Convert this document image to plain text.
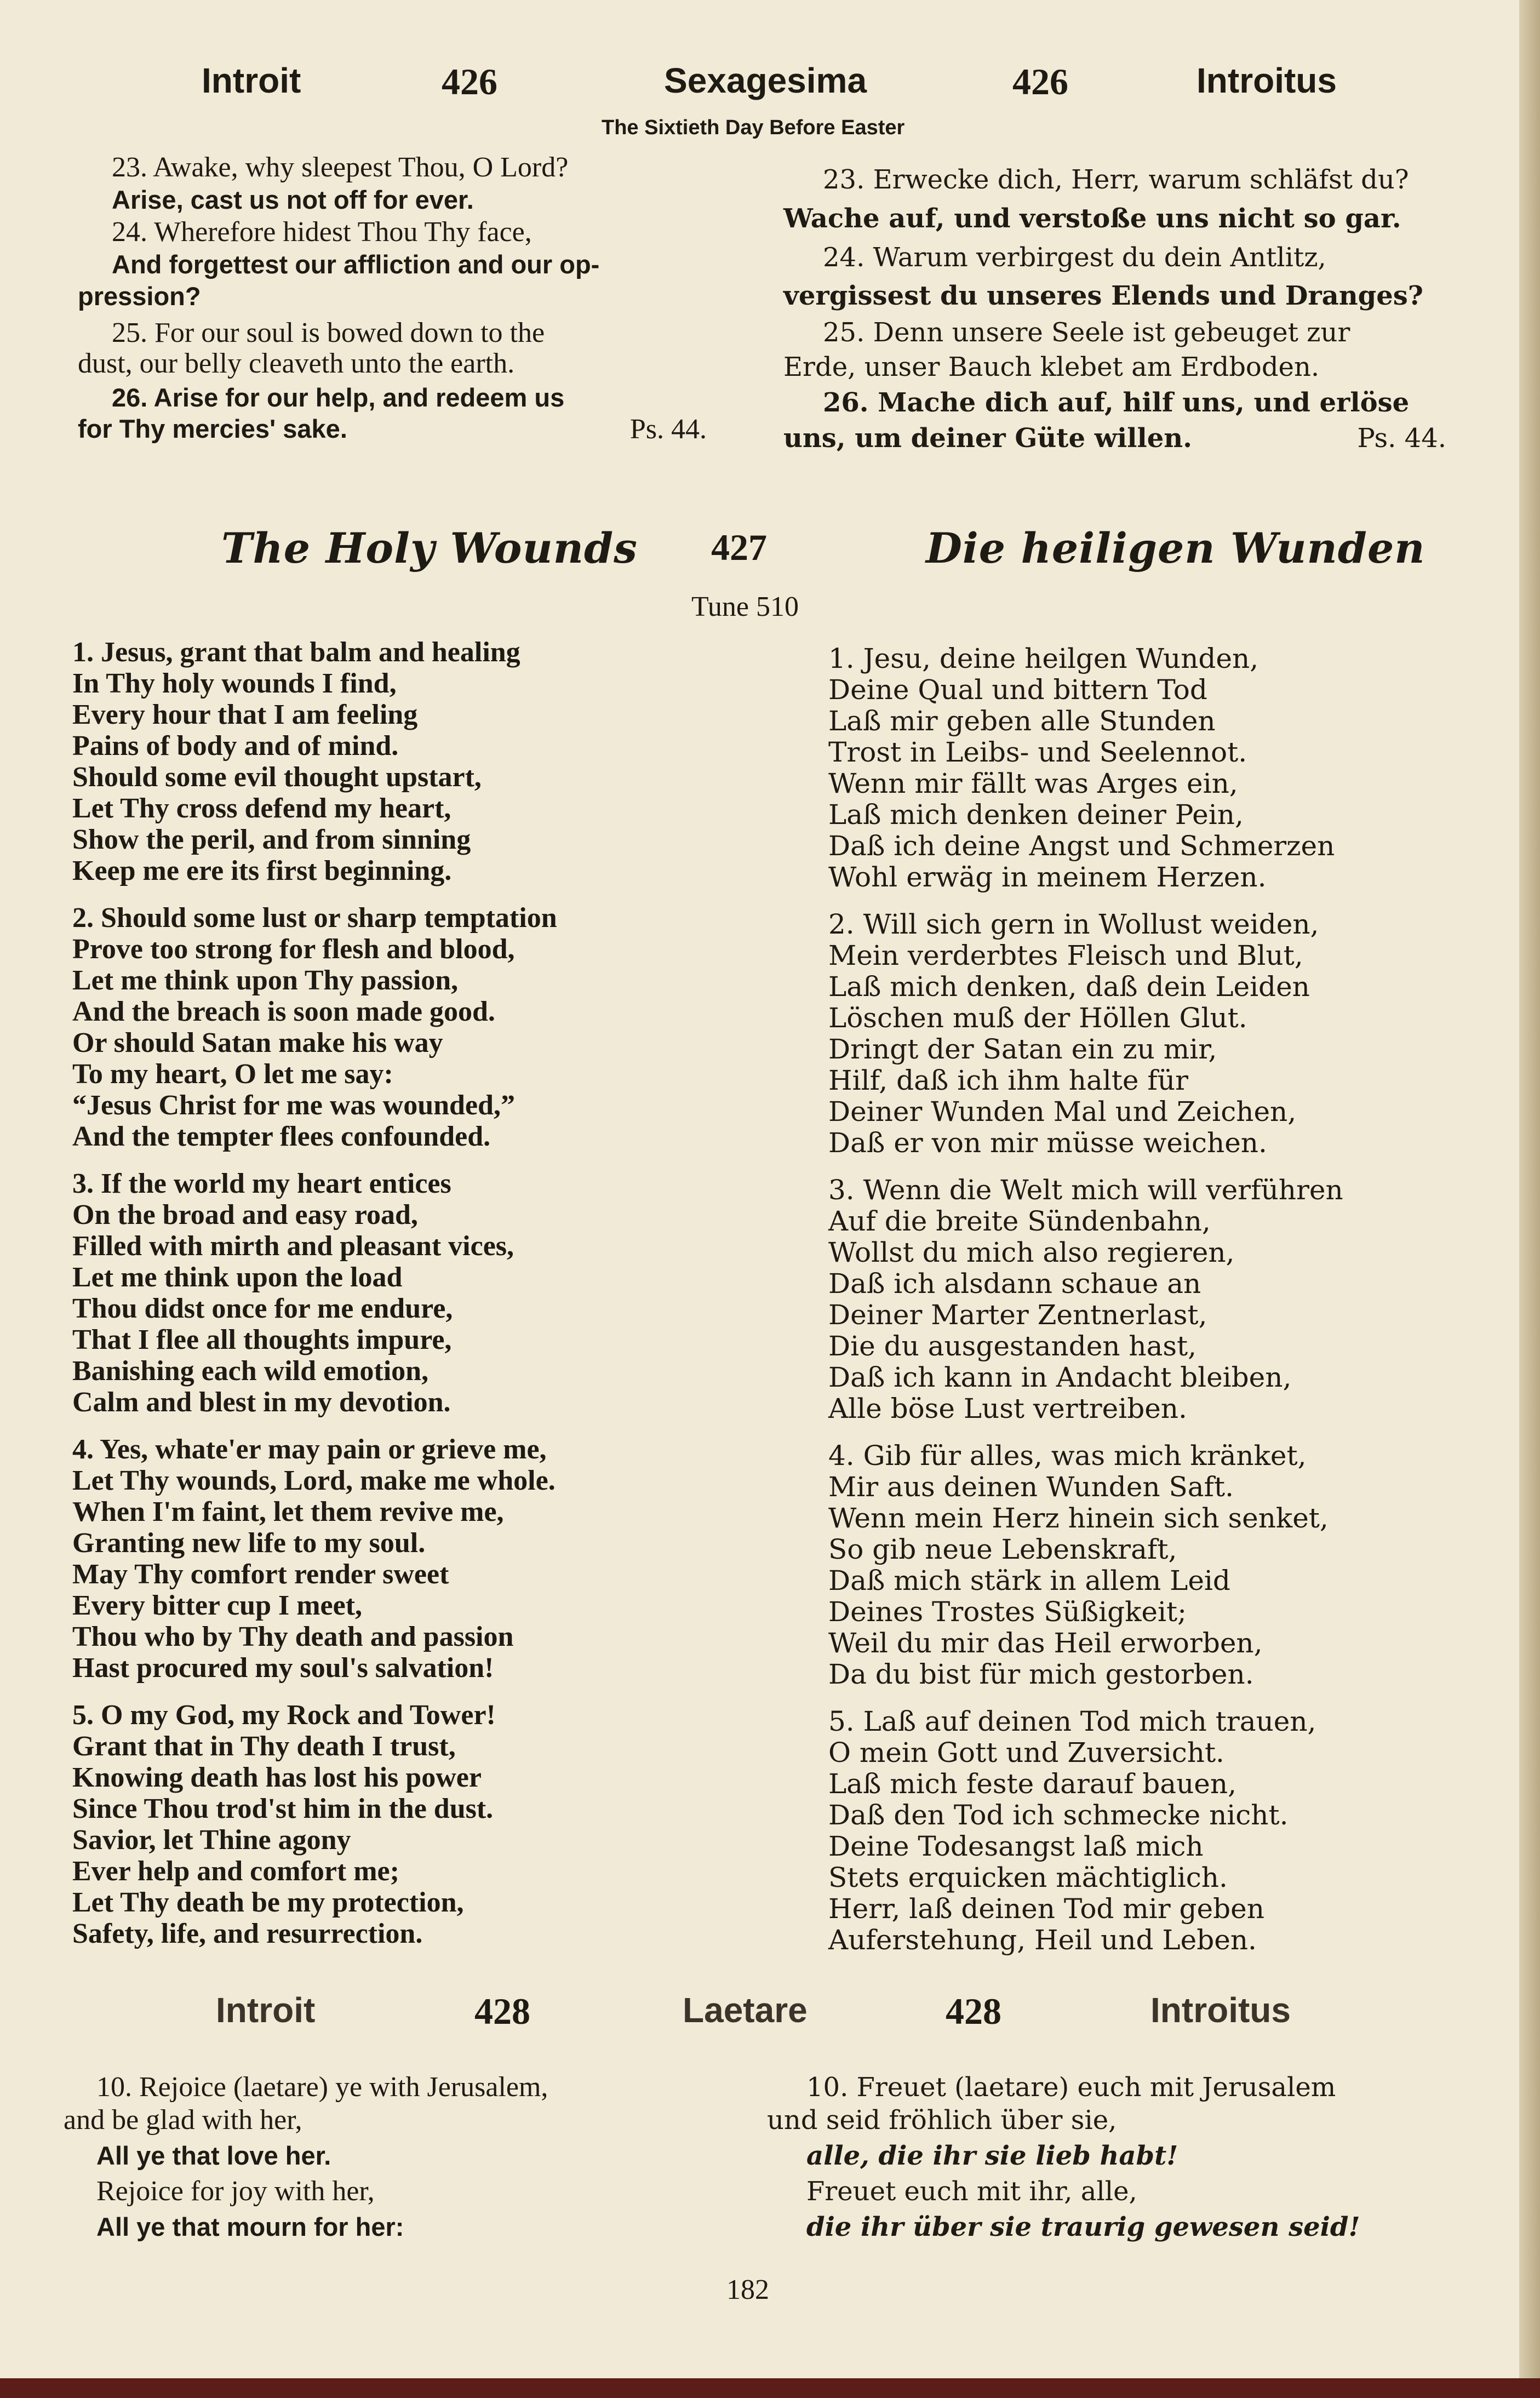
Introit	426	Sexagesima	426	Introitus
The Sixtieth Day Before Easter

23. Awake, why sleepest Thou, O Lord?

Arise, cast us not off for ever.

24. Wherefore hidest Thou Thy face,

And forgettest our affliction and our op-

pression?

25. For our soul is bowed down to the

dust, our belly cleaveth unto the earth.

26. Arise for our help, and redeem us

for Thy mercies' sake.	Ps. 44.

23. Erwecke dich, Herr, warum schläfst du?

Wache auf, und verstoße uns nicht so gar.

24. Warum verbirgest du dein Antlitz,

vergissest du unseres Elends und Dranges?

25. Denn unsere Seele ist gebeuget zur

Erde, unser Bauch klebet am Erdboden.

26. Mache dich auf, hilf uns, und erlöse

uns, um deiner Güte willen.	Ps. 44.
The Holy Wounds 427	Die heiligen Wunden
Tune 510

1. Jesus, grant that balm and healing

In Thy holy wounds I find,

Every hour that I am feeling

Pains of body and of mind.

Should some evil thought upstart,

Let Thy cross defend my heart,

Show the peril, and from sinning

Keep me ere its first beginning.

2. Should some lust or sharp temptation

Prove too strong for flesh and blood,

Let me think upon Thy passion,

And the breach is soon made good.

Or should Satan make his way

To my heart, O let me say:

“Jesus Christ for me was wounded,”

And the tempter flees confounded.

3. If the world my heart entices

On the broad and easy road,

Filled with mirth and pleasant vices,

Let me think upon the load

Thou didst once for me endure,

That I flee all thoughts impure,

Banishing each wild emotion,

Calm and blest in my devotion.

4. Yes, whate'er may pain or grieve me,

Let Thy wounds, Lord, make me whole.

When I'm faint, let them revive me,

Granting new life to my soul.

May Thy comfort render sweet

Every bitter cup I meet,

Thou who by Thy death and passion

Hast procured my soul's salvation!

5. O my God, my Rock and Tower!

Grant that in Thy death I trust,

Knowing death has lost his power

Since Thou trod'st him in the dust.

Savior, let Thine agony

Ever help and comfort me;

Let Thy death be my protection,

Safety, life, and resurrection.

1. Jesu, deine heilgen Wunden,

Deine Qual und bittern Tod

Laß mir geben alle Stunden

Trost in Leibs- und Seelennot.

Wenn mir fällt was Arges ein,

Laß mich denken deiner Pein,

Daß ich deine Angst und Schmerzen

Wohl erwäg in meinem Herzen.

2. Will sich gern in Wollust weiden,

Mein verderbtes Fleisch und Blut,

Laß mich denken, daß dein Leiden

Löschen muß der Höllen Glut.

Dringt der Satan ein zu mir,

Hilf, daß ich ihm halte für

Deiner Wunden Mal und Zeichen,

Daß er von mir müsse weichen.

3. Wenn die Welt mich will verführen

Auf die breite Sündenbahn,

Wollst du mich also regieren,

Daß ich alsdann schaue an

Deiner Marter Zentnerlast,

Die du ausgestanden hast,

Daß ich kann in Andacht bleiben,

Alle böse Lust vertreiben.

4. Gib für alles, was mich kränket,

Mir aus deinen Wunden Saft.

Wenn mein Herz hinein sich senket,

So gib neue Lebenskraft,

Daß mich stärk in allem Leid

Deines Trostes Süßigkeit;

Weil du mir das Heil erworben,

Da du bist für mich gestorben.

5. Laß auf deinen Tod mich trauen,

O mein Gott und Zuversicht.

Laß mich feste darauf bauen,

Daß den Tod ich schmecke nicht.

Deine Todesangst laß mich

Stets erquicken mächtiglich.

Herr, laß deinen Tod mir geben

Auferstehung, Heil und Leben.

Introit	428	Laetare	428	Introitus

10. Rejoice (laetare) ye with Jerusalem,

and be glad with her,

All ye that love her.

Rejoice for joy with her,

All ye that mourn for her:

10. Freuet (laetare) euch mit Jerusalem

und seid fröhlich über sie,

alle, die ihr sie lieb habt!

Freuet euch mit ihr, alle,

die ihr über sie traurig gewesen seid!

182
